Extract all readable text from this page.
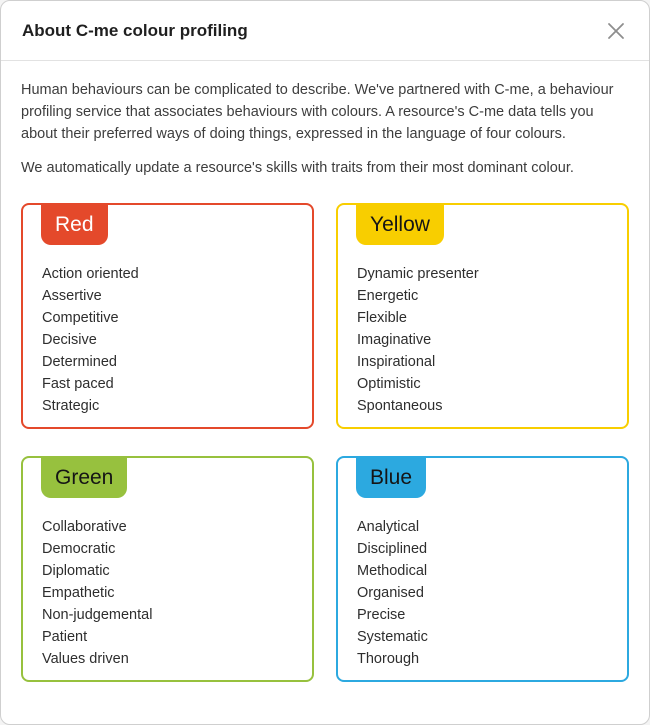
About C-me colour profiling

Human behaviours can be complicated to describe. We've partnered with C-me, a behaviour profiling service that associates behaviours with colours. A resource's C-me data tells you about their preferred ways of doing things, expressed in the language of four colours.

We automatically update a resource's skills with traits from their most dominant colour.

Red
Action oriented
Assertive
Competitive
Decisive
Determined
Fast paced
Strategic
Yellow
Dynamic presenter
Energetic
Flexible
Imaginative
Inspirational
Optimistic
Spontaneous
Green
Collaborative
Democratic
Diplomatic
Empathetic
Non-judgemental
Patient
Values driven
Blue
Analytical
Disciplined
Methodical
Organised
Precise
Systematic
Thorough
